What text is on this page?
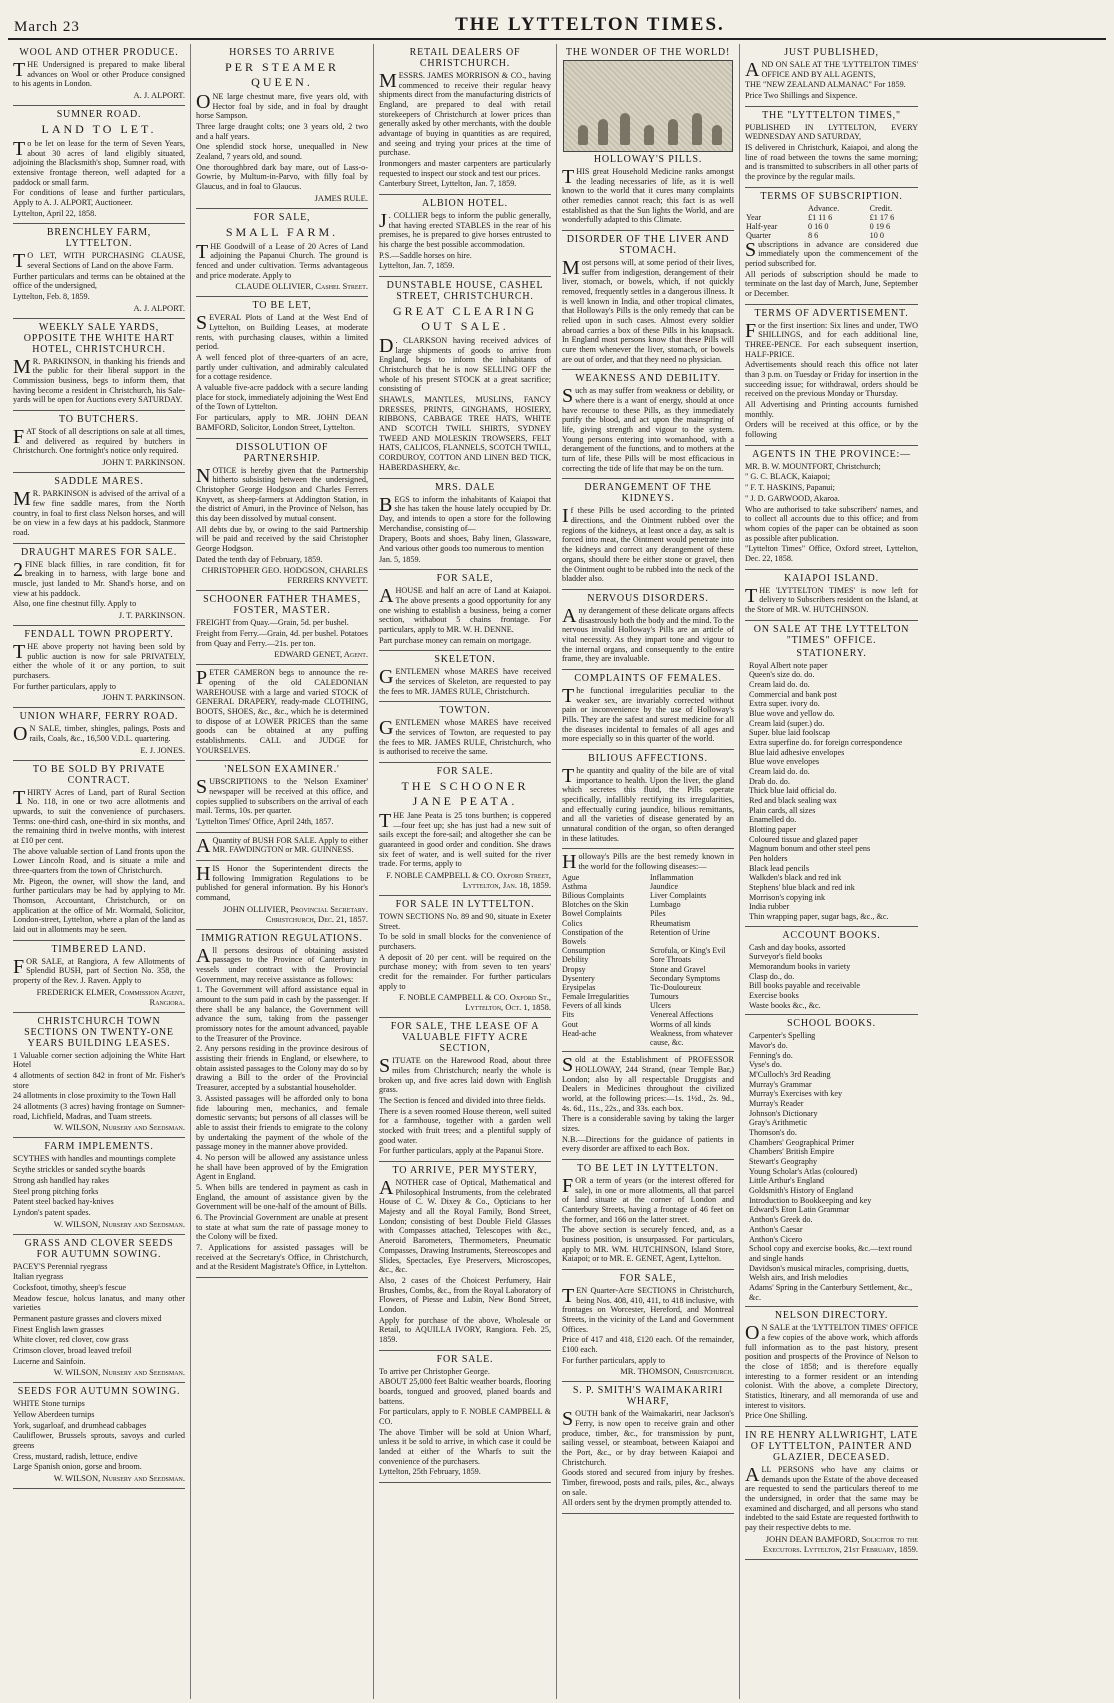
March 23	THE LYTTELTON TIMES.
WOOL AND OTHER PRODUCE.

THE Undersigned is prepared to make liberal advances on Wool or other Produce consigned to his agents in London.

A. J. ALPORT.

SUMNER ROAD.
LAND TO LET.

To be let on lease for the term of Seven Years, about 30 acres of land eligibly situated, adjoining the Blacksmith's shop, Sumner road, with extensive frontage thereon, well adapted for a paddock or small farm.

For conditions of lease and further particulars, Apply to A. J. ALPORT, Auctioneer.

Lyttelton, April 22, 1858.

BRENCHLEY FARM, LYTTELTON.

T O LET, WITH PURCHASING CLAUSE, several Sections of Land on the above Farm.

Further particulars and terms can be obtained at the office of the undersigned,

Lyttelton, Feb. 8, 1859.

A. J. ALPORT.

WEEKLY SALE YARDS, OPPOSITE THE WHITE HART HOTEL, CHRISTCHURCH.

M R. PARKINSON, in thanking his friends and the public for their liberal support in the Commission business, begs to inform them, that having become a resident in Christchurch, his Sale-yards will be open for Auctions every SATURDAY.

TO BUTCHERS.

FAT Stock of all descriptions on sale at all times, and delivered as required by butchers in Christchurch. One fortnight's notice only required.

JOHN T. PARKINSON.

SADDLE MARES.

M R. PARKINSON is advised of the arrival of a few fine saddle mares, from the North country, in foal to first class Nelson horses, and will be on view in a few days at his paddock, Stanmore road.

DRAUGHT MARES FOR SALE.

2 FINE black fillies, in rare condition, fit for breaking in to harness, with large bone and muscle, just landed to Mr. Shand's horse, and on view at his paddock.

Also, one fine chestnut filly. Apply to

J. T. PARKINSON.

FENDALL TOWN PROPERTY.

THE above property not having been sold by public auction is now for sale PRIVATELY, either the whole of it or any portion, to suit purchasers.

For further particulars, apply to

JOHN T. PARKINSON.

UNION WHARF, FERRY ROAD.

O N SALE, timber, shingles, palings, Posts and rails, Coals, &c., 16,500 V.D.L. quartering.

E. J. JONES.

TO BE SOLD BY PRIVATE CONTRACT.

THIRTY Acres of Land, part of Rural Section No. 118, in one or two acre allotments and upwards, to suit the convenience of purchasers. Terms: one-third cash, one-third in six months, and the remaining third in twelve months, with interest at £10 per cent.

The above valuable section of Land fronts upon the Lower Lincoln Road, and is situate a mile and three-quarters from the town of Christchurch.

Mr. Pigeon, the owner, will show the land, and further particulars may be had by applying to Mr. Thomson, Accountant, Christchurch, or on application at the office of Mr. Wormald, Solicitor, London-street, Lyttelton, where a plan of the land as laid out in allotments may be seen.

TIMBERED LAND.

FOR SALE, at Rangiora, A few Allotments of Splendid BUSH, part of Section No. 358, the property of the Rev. J. Raven. Apply to

FREDERICK ELMER, Commission Agent, Rangiora.

CHRISTCHURCH TOWN SECTIONS ON TWENTY-ONE YEARS BUILDING LEASES.

1 Valuable corner section adjoining the White Hart Hotel

4 allotments of section 842 in front of Mr. Fisher's store

24 allotments in close proximity to the Town Hall

24 allotments (3 acres) having frontage on Sumner-road, Lichfield, Madras, and Tuam streets.

W. WILSON, Nursery and Seedsman.

FARM IMPLEMENTS.

SCYTHES with handles and mountings complete

Scythe strickles or sanded scythe boards

Strong ash handled hay rakes

Steel prong pitching forks

Patent steel backed hay-knives

Lyndon's patent spades.

W. WILSON, Nursery and Seedsman.

GRASS AND CLOVER SEEDS FOR AUTUMN SOWING.

PACEY'S Perennial ryegrass

Italian ryegrass

Cocksfoot, timothy, sheep's fescue

Meadow fescue, holcus lanatus, and many other varieties

Permanent pasture grasses and clovers mixed

Finest English lawn grasses

White clover, red clover, cow grass

Crimson clover, broad leaved trefoil

Lucerne and Sainfoin.

W. WILSON, Nursery and Seedsman.

SEEDS FOR AUTUMN SOWING.

WHITE Stone turnips

Yellow Aberdeen turnips

York, sugarloaf, and drumhead cabbages

Cauliflower, Brussels sprouts, savoys and curled greens

Cress, mustard, radish, lettuce, endive

Large Spanish onion, gorse and broom.

W. WILSON, Nursery and Seedsman.

HORSES TO ARRIVE
PER STEAMER QUEEN.

ONE large chestnut mare, five years old, with Hector foal by side, and in foal by draught horse Sampson.

Three large draught colts; one 3 years old, 2 two and a half years.

One splendid stock horse, unequalled in New Zealand, 7 years old, and sound.

One thoroughbred dark bay mare, out of Lass-o-Gowrie, by Multum-in-Parvo, with filly foal by Glaucus, and in foal to Glaucus.

JAMES RULE.

FOR SALE,
SMALL FARM.

THE Goodwill of a Lease of 20 Acres of Land adjoining the Papanui Church. The ground is fenced and under cultivation. Terms advantageous and price moderate. Apply to

CLAUDE OLLIVIER, Cashel Street.

TO BE LET,

SEVERAL Plots of Land at the West End of Lyttelton, on Building Leases, at moderate rents, with purchasing clauses, within a limited period.

A well fenced plot of three-quarters of an acre, partly under cultivation, and admirably calculated for a cottage residence.

A valuable five-acre paddock with a secure landing place for stock, immediately adjoining the West End of the Town of Lyttelton.

For particulars, apply to MR. JOHN DEAN BAMFORD, Solicitor, London Street, Lyttelton.

DISSOLUTION OF PARTNERSHIP.

NOTICE is hereby given that the Partnership hitherto subsisting between the undersigned, Christopher George Hodgson and Charles Ferrers Knyvett, as sheep-farmers at Addington Station, in the district of Amuri, in the Province of Nelson, has this day been dissolved by mutual consent.

All debts due by, or owing to the said Partnership will be paid and received by the said Christopher George Hodgson.

Dated the tenth day of February, 1859.

CHRISTOPHER GEO. HODGSON, CHARLES FERRERS KNYVETT.

SCHOONER FATHER THAMES, FOSTER, MASTER.

FREIGHT from Quay.—Grain, 5d. per bushel.

Freight from Ferry.—Grain, 4d. per bushel. Potatoes from Quay and Ferry.—21s. per ton.

EDWARD GENET, Agent.

PETER CAMERON begs to announce the re-opening of the old CALEDONIAN WAREHOUSE with a large and varied STOCK of GENERAL DRAPERY, ready-made CLOTHING, BOOTS, SHOES, &c., &c., which he is determined to dispose of at LOWER PRICES than the same goods can be obtained at any puffing establishments. CALL and JUDGE for YOURSELVES.

'NELSON EXAMINER.'

SUBSCRIPTIONS to the 'Nelson Examiner' newspaper will be received at this office, and copies supplied to subscribers on the arrival of each mail. Terms, 10s. per quarter.

'Lyttelton Times' Office, April 24th, 1857.

A Quantity of BUSH FOR SALE. Apply to either MR. FAWDINGTON or MR. GUINNESS.

HIS Honor the Superintendent directs the following Immigration Regulations to be published for general information. By his Honor's command,

JOHN OLLIVIER, Provincial Secretary. Christchurch, Dec. 21, 1857.

IMMIGRATION REGULATIONS.

All persons desirous of obtaining assisted passages to the Province of Canterbury in vessels under contract with the Provincial Government, may receive assistance as follows:

1. The Government will afford assistance equal in amount to the sum paid in cash by the passenger. If there shall be any balance, the Government will advance the sum, taking from the passenger promissory notes for the amount advanced, payable to the Treasurer of the Province.

2. Any persons residing in the province desirous of assisting their friends in England, or elsewhere, to obtain assisted passages to the Colony may do so by drawing a Bill to the order of the Provincial Treasurer, accepted by a substantial householder.

3. Assisted passages will be afforded only to bona fide labouring men, mechanics, and female domestic servants; but persons of all classes will be able to assist their friends to emigrate to the colony by undertaking the payment of the whole of the passage money in the manner above provided.

4. No person will be allowed any assistance unless he shall have been approved of by the Emigration Agent in England.

5. When bills are tendered in payment as cash in England, the amount of assistance given by the Government will be one-half of the amount of Bills.

6. The Provincial Government are unable at present to state at what sum the rate of passage money to the Colony will be fixed.

7. Applications for assisted passages will be received at the Secretary's Office, in Christchurch, and at the Resident Magistrate's Office, in Lyttelton.

RETAIL DEALERS OF CHRISTCHURCH.

MESSRS. JAMES MORRISON & CO., having commenced to receive their regular heavy shipments direct from the manufacturing districts of England, are prepared to deal with retail storekeepers of Christchurch at lower prices than generally asked by other merchants, with the double advantage of buying in quantities as are required, and seeing and trying your prices at the time of purchase.

Ironmongers and master carpenters are particularly requested to inspect our stock and test our prices.

Canterbury Street, Lyttelton, Jan. 7, 1859.

ALBION HOTEL.

J . COLLIER begs to inform the public generally, that having erected STABLES in the rear of his premises, he is prepared to give horses entrusted to his charge the best possible accommodation.

P.S.—Saddle horses on hire.

Lyttelton, Jan. 7, 1859.

DUNSTABLE HOUSE, CASHEL STREET, CHRISTCHURCH.
GREAT CLEARING OUT SALE.

D . CLARKSON having received advices of large shipments of goods to arrive from England, begs to inform the inhabitants of Christchurch that he is now SELLING OFF the whole of his present STOCK at a great sacrifice; consisting of

SHAWLS, MANTLES, MUSLINS, FANCY DRESSES, PRINTS, GINGHAMS, HOSIERY, RIBBONS, CABBAGE TREE HATS, WHITE AND SCOTCH TWILL SHIRTS, SYDNEY TWEED AND MOLESKIN TROWSERS, FELT HATS, CALICOS, FLANNELS, SCOTCH TWILL, CORDUROY, COTTON AND LINEN BED TICK, HABERDASHERY, &c.

MRS. DALE

BEGS to inform the inhabitants of Kaiapoi that she has taken the house lately occupied by Dr. Day, and intends to open a store for the following Merchandise, consisting of—

Drapery, Boots and shoes, Baby linen, Glassware, And various other goods too numerous to mention

Jan. 5, 1859.

FOR SALE,

A HOUSE and half an acre of Land at Kaiapoi. The above presents a good opportunity for any one wishing to establish a business, being a corner section, withabout 5 chains frontage. For particulars, apply to MR. W. H. DENNE.

Part purchase money can remain on mortgage.

SKELETON.

GENTLEMEN whose MARES have received the services of Skeleton, are requested to pay the fees to MR. JAMES RULE, Christchurch.

TOWTON.

GENTLEMEN whose MARES have received the services of Towton, are requested to pay the fees to MR. JAMES RULE, Christchurch, who is authorised to receive the same.

FOR SALE.
THE SCHOONER JANE PEATA.

THE Jane Peata is 25 tons burthen; is coppered —four feet up; she has just had a new suit of sails except the fore-sail; and altogether she can be guaranteed in good order and condition. She draws six feet of water, and is well suited for the river trade. For terms, apply to

F. NOBLE CAMPBELL & CO. Oxford Street, Lyttelton, Jan. 18, 1859.

FOR SALE IN LYTTELTON.

TOWN SECTIONS No. 89 and 90, situate in Exeter Street.

To be sold in small blocks for the convenience of purchasers.

A deposit of 20 per cent. will be required on the purchase money; with from seven to ten years' credit for the remainder. For further particulars apply to

F. NOBLE CAMPBELL & CO. Oxford St., Lyttelton, Oct. 1, 1858.

FOR SALE, THE LEASE OF A VALUABLE FIFTY ACRE SECTION,

SITUATE on the Harewood Road, about three miles from Christchurch; nearly the whole is broken up, and five acres laid down with English grass.

The Section is fenced and divided into three fields.

There is a seven roomed House thereon, well suited for a farmhouse, together with a garden well stocked with fruit trees; and a plentiful supply of good water.

For further particulars, apply at the Papanui Store.

TO ARRIVE, PER MYSTERY,

ANOTHER case of Optical, Mathematical and Philosophical Instruments, from the celebrated House of C. W. Dixey & Co., Opticians to her Majesty and all the Royal Family, Bond Street, London; consisting of best Double Field Glasses with Compasses attached, Telescopes with &c., Aneroid Barometers, Thermometers, Pneumatic Compasses, Drawing Instruments, Stereoscopes and Slides, Spectacles, Eye Preservers, Microscopes, &c., &c.

Also, 2 cases of the Choicest Perfumery, Hair Brushes, Combs, &c., from the Royal Laboratory of Flowers, of Piesse and Lubin, New Bond Street, London.

Apply for purchase of the above, Wholesale or Retail, to AQUILLA IVORY, Rangiora. Feb. 25, 1859.

FOR SALE.

To arrive per Christopher George.

ABOUT 25,000 feet Baltic weather boards, flooring boards, tongued and grooved, planed boards and battens.

For particulars, apply to F. NOBLE CAMPBELL & CO.

The above Timber will be sold at Union Wharf, unless it be sold to arrive, in which case it could be landed at either of the Wharfs to suit the convenience of the purchasers.

Lyttelton, 25th February, 1859.

THE WONDER OF THE WORLD!
HOLLOWAY'S PILLS.

THIS great Household Medicine ranks amongst the leading necessaries of life, as it is well known to the world that it cures many complaints other remedies cannot reach; this fact is as well established as that the Sun lights the World, and are wonderfully adapted to this Climate.

DISORDER OF THE LIVER AND STOMACH.

Most persons will, at some period of their lives, suffer from indigestion, derangement of their liver, stomach, or bowels, which, if not quickly removed, frequently settles in a dangerous illness. It is well known in India, and other tropical climates, that Holloway's Pills is the only remedy that can be relied upon in such cases. Almost every soldier abroad carries a box of these Pills in his knapsack. In England most persons know that these Pills will cure them whenever the liver, stomach, or bowels are out of order, and that they need no physician.

WEAKNESS AND DEBILITY.

Such as may suffer from weakness or debility, or where there is a want of energy, should at once have recourse to these Pills, as they immediately purify the blood, and act upon the mainspring of life, giving strength and vigour to the system. Young persons entering into womanhood, with a derangement of the functions, and to mothers at the turn of life, these Pills will be most efficacious in correcting the tide of life that may be on the turn.

DERANGEMENT OF THE KIDNEYS.

If these Pills be used according to the printed directions, and the Ointment rubbed over the regions of the kidneys, at least once a day, as salt is forced into meat, the Ointment would penetrate into the kidneys and correct any derangement of these organs, should there be either stone or gravel, then the Ointment ought to be rubbed into the neck of the bladder also.

NERVOUS DISORDERS.

Any derangement of these delicate organs affects disastrously both the body and the mind. To the nervous invalid Holloway's Pills are an article of vital necessity. As they impart tone and vigour to the internal organs, and consequently to the entire frame, they are invaluable.

COMPLAINTS OF FEMALES.

The functional irregularities peculiar to the weaker sex, are invariably corrected without pain or inconvenience by the use of Holloway's Pills. They are the safest and surest medicine for all the diseases incidental to females of all ages and more especially so in this quarter of the world.

BILIOUS AFFECTIONS.

The quantity and quality of the bile are of vital importance to health. Upon the liver, the gland which secretes this fluid, the Pills operate specifically, infallibly rectifying its irregularities, and effectually curing jaundice, bilious remittants, and all the varieties of disease generated by an unnatural condition of the organ, so often deranged in these latitudes.

Holloway's Pills are the best remedy known in the world for the following diseases:—

Ague	Inflammation
Asthma	Jaundice
Bilious Complaints	Liver Complaints
Blotches on the Skin	Lumbago
Bowel Complaints	Piles
Colics	Rheumatism
Constipation of the Bowels
Retention of Urine
Consumption	Scrofula, or King's Evil
Debility	Sore Throats
Dropsy	Stone and Gravel
Dysentery	Secondary Symptoms
Erysipelas	Tic-Douloureux
Female Irregularities	Tumours
Fevers of all kinds	Ulcers
Fits	Venereal Affections
Gout	Worms of all kinds
Head-ache	Weakness, from whatever cause, &c.

Sold at the Establishment of PROFESSOR HOLLOWAY, 244 Strand, (near Temple Bar,) London; also by all respectable Druggists and Dealers in Medicines throughout the civilized world, at the following prices:—1s. 1½d., 2s. 9d., 4s. 6d., 11s., 22s., and 33s. each box.

There is a considerable saving by taking the larger sizes.

N.B.—Directions for the guidance of patients in every disorder are affixed to each Box.

TO BE LET IN LYTTELTON.

FOR a term of years (or the interest offered for sale), in one or more allotments, all that parcel of land situate at the corner of London and Canterbury Streets, having a frontage of 46 feet on the former, and 166 on the latter street.

The above section is securely fenced, and, as a business position, is unsurpassed. For particulars, apply to MR. WM. HUTCHINSON, Island Store, Kaiapoi; or to MR. E. GENET, Agent, Lyttelton.

FOR SALE,

TEN Quarter-Acre SECTIONS in Christchurch, being Nos. 408, 410, 411, to 418 inclusive, with frontages on Worcester, Hereford, and Montreal Streets, in the vicinity of the Land and Government Offices.

Price of 417 and 418, £120 each. Of the remainder, £100 each.

For further particulars, apply to

MR. THOMSON, Christchurch.

S. P. SMITH'S WAIMAKARIRI WHARF,

SOUTH bank of the Waimakariri, near Jackson's Ferry, is now open to receive grain and other produce, timber, &c., for transmission by punt, sailing vessel, or steamboat, between Kaiapoi and the Port, &c., or by dray between Kaiapoi and Christchurch.

Goods stored and secured from injury by freshes. Timber, firewood, posts and rails, piles, &c., always on sale.

All orders sent by the drymen promptly attended to.

JUST PUBLISHED,

AND ON SALE AT THE 'LYTTELTON TIMES' OFFICE AND BY ALL AGENTS,

THE "NEW ZEALAND ALMANAC" For 1859.

Price Two Shillings and Sixpence.

THE "LYTTELTON TIMES,"

PUBLISHED IN LYTTELTON, EVERY WEDNESDAY AND SATURDAY,

IS delivered in Christchurk, Kaiapoi, and along the line of road between the towns the same morning; and is transmitted to subscribers in all other parts of the province by the regular mails.

TERMS OF SUBSCRIPTION.
	Advance.	Credit.
Year	£1 11 6	£1 17 6
Half-year	0 16 0	0 19 6
Quarter	8 6	10 0

Subscriptions in advance are considered due immediately upon the commencement of the period subscribed for.

All periods of subscription should be made to terminate on the last day of March, June, September or December.

TERMS OF ADVERTISEMENT.

For the first insertion: Six lines and under, TWO SHILLINGS, and for each additional line, THREE-PENCE. For each subsequent insertion, HALF-PRICE.

Advertisements should reach this office not later than 3 p.m. on Tuesday or Friday for insertion in the succeeding issue; for withdrawal, orders should be received on the previous Monday or Thursday.

All Advertising and Printing accounts furnished monthly.

Orders will be received at this office, or by the following

AGENTS IN THE PROVINCE:—

MR. B. W. MOUNTFORT, Christchurch;

" G. C. BLACK, Kaiapoi;

" F. T. HASKINS, Papanui;

" J. D. GARWOOD, Akaroa.

Who are authorised to take subscribers' names, and to collect all accounts due to this office; and from whom copies of the paper can be obtained as soon as possible after publication.

"Lyttelton Times" Office, Oxford street, Lyttelton, Dec. 22, 1858.

KAIAPOI ISLAND.

THE 'LYTTELTON TIMES' is now left for delivery to Subscribers resident on the Island, at the Store of MR. W. HUTCHINSON.

ON SALE AT THE LYTTELTON "TIMES" OFFICE.
STATIONERY.
Royal Albert note paper
Queen's size do. do.
Cream laid do. do.
Commercial and bank post
Extra super. ivory do.
Blue wove and yellow do.
Cream laid (super.) do.
Super. blue laid foolscap
Extra superfine do. for foreign correspondence
Blue laid adhesive envelopes
Blue wove envelopes
Cream laid do. do.
Drab do. do.
Thick blue laid official do.
Red and black sealing wax
Plain cards, all sizes
Enamelled do.
Blotting paper
Coloured tissue and glazed paper
Magnum bonum and other steel pens
Pen holders
Black lead pencils
Walkden's black and red ink
Stephens' blue black and red ink
Morrison's copying ink
India rubber
Thin wrapping paper, sugar bags, &c., &c.
ACCOUNT BOOKS.
Cash and day books, assorted
Surveyor's field books
Memorandum books in variety
Clasp do., do.
Bill books payable and receivable
Exercise books
Waste books &c., &c.
SCHOOL BOOKS.
Carpenter's Spelling
Mavor's do.
Fenning's do.
Vyse's do.
M'Culloch's 3rd Reading
Murray's Grammar
Murray's Exercises with key
Murray's Reader
Johnson's Dictionary
Gray's Arithmetic
Thomson's do.
Chambers' Geographical Primer
Chambers' British Empire
Stewart's Geography
Young Scholar's Atlas (coloured)
Little Arthur's England
Goldsmith's History of England
Introduction to Bookkeeping and key
Edward's Eton Latin Grammar
Anthon's Greek do.
Anthon's Caesar
Anthon's Cicero
School copy and exercise books, &c.—text round and single hands
Davidson's musical miracles, comprising, duetts, Welsh airs, and Irish melodies
Adams' Spring in the Canterbury Settlement, &c., &c.
NELSON DIRECTORY.

O N SALE at the 'LYTTELTON TIMES' OFFICE a few copies of the above work, which affords full information as to the past history, present position and prospects of the Province of Nelson to the close of 1858; and is therefore equally interesting to a former resident or an intending colonist. With the above, a complete Directory, Statistics, Itinerary, and all memoranda of use and interest to visitors.

Price One Shilling.

IN RE HENRY ALLWRIGHT, LATE OF LYTTELTON, PAINTER AND GLAZIER, DECEASED.

ALL PERSONS who have any claims or demands upon the Estate of the above deceased are requested to send the particulars thereof to me the undersigned, in order that the same may be examined and discharged, and all persons who stand indebted to the said Estate are requested forthwith to pay their respective debts to me.

JOHN DEAN BAMFORD, Solicitor to the Executors. Lyttelton, 21st February, 1859.
